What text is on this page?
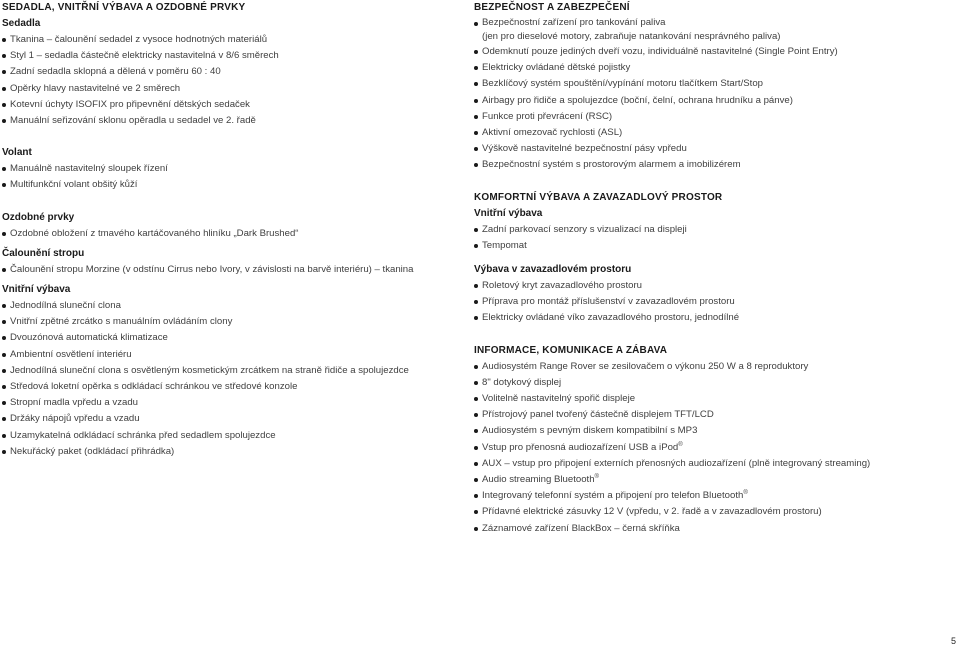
SEDADLA, VNITŘNÍ VÝBAVA A OZDOBNÉ PRVKY
Sedadla
Tkanina – čalounění sedadel z vysoce hodnotných materiálů
Styl 1 – sedadla částečně elektricky nastavitelná v 8/6 směrech
Zadní sedadla sklopná a dělená v poměru 60 : 40
Opěrky hlavy nastavitelné ve 2 směrech
Kotevní úchyty ISOFIX pro připevnění dětských sedaček
Manuální seřizování sklonu opěradla u sedadel ve 2. řadě
Volant
Manuálně nastavitelný sloupek řízení
Multifunkční volant obšitý kůží
Ozdobné prvky
Ozdobné obložení z tmavého kartáčovaného hliníku „Dark Brushed“
Čalounění stropu
Čalounění stropu Morzine (v odstínu Cirrus nebo Ivory, v závislosti na barvě interiéru) – tkanina
Vnitřní výbava
Jednodílná sluneční clona
Vnitřní zpětné zrcátko s manuálním ovládáním clony
Dvouzónová automatická klimatizace
Ambientní osvětlení interiéru
Jednodílná sluneční clona s osvětleným kosmetickým zrcátkem na straně řidiče a spolujezdce
Středová loketní opěrka s odkládací schránkou ve středové konzole
Stropní madla vpředu a vzadu
Držáky nápojů vpředu a vzadu
Uzamykatelná odkládací schránka před sedadlem spolujezdce
Nekuřácký paket (odkládací přihrádka)
BEZPEČNOST A ZABEZPEČENÍ
Bezpečnostní zařízení pro tankování paliva
(jen pro dieselové motory, zabraňuje natankování nesprávného paliva)
Odemknutí pouze jediných dveří vozu, individuálně nastavitelné (Single Point Entry)
Elektricky ovládané dětské pojistky
Bezklíčový systém spouštění/vypínání motoru tlačítkem Start/Stop
Airbagy pro řidiče a spolujezdce (boční, čelní, ochrana hrudníku a pánve)
Funkce proti převrácení (RSC)
Aktivní omezovač rychlosti (ASL)
Výškově nastavitelné bezpečnostní pásy vpředu
Bezpečnostní systém s prostorovým alarmem a imobilizérem
KOMFORTNÍ VÝBAVA A ZAVAZADLOVÝ PROSTOR
Vnitřní výbava
Zadní parkovací senzory s vizualizací na displeji
Tempomat
Výbava v zavazadlovém prostoru
Roletový kryt zavazadlového prostoru
Příprava pro montáž příslušenství v zavazadlovém prostoru
Elektricky ovládané víko zavazadlového prostoru, jednodílné
INFORMACE, KOMUNIKACE A ZÁBAVA
Audiosystém Range Rover se zesilovačem o výkonu 250 W a 8 reproduktory
8" dotykový displej
Volitelně nastavitelný spořič displeje
Přístrojový panel tvořený částečně displejem TFT/LCD
Audiosystém s pevným diskem kompatibilní s MP3
Vstup pro přenosná audiozařízení USB a iPod®
AUX – vstup pro připojení externích přenosných audiozařízení (plně integrovaný streaming)
Audio streaming Bluetooth®
Integrovaný telefonní systém a připojení pro telefon Bluetooth®
Přídavné elektrické zásuvky 12 V (vpředu, v 2. řadě a v zavazadlovém prostoru)
Záznamové zařízení BlackBox – černá skříňka
5
